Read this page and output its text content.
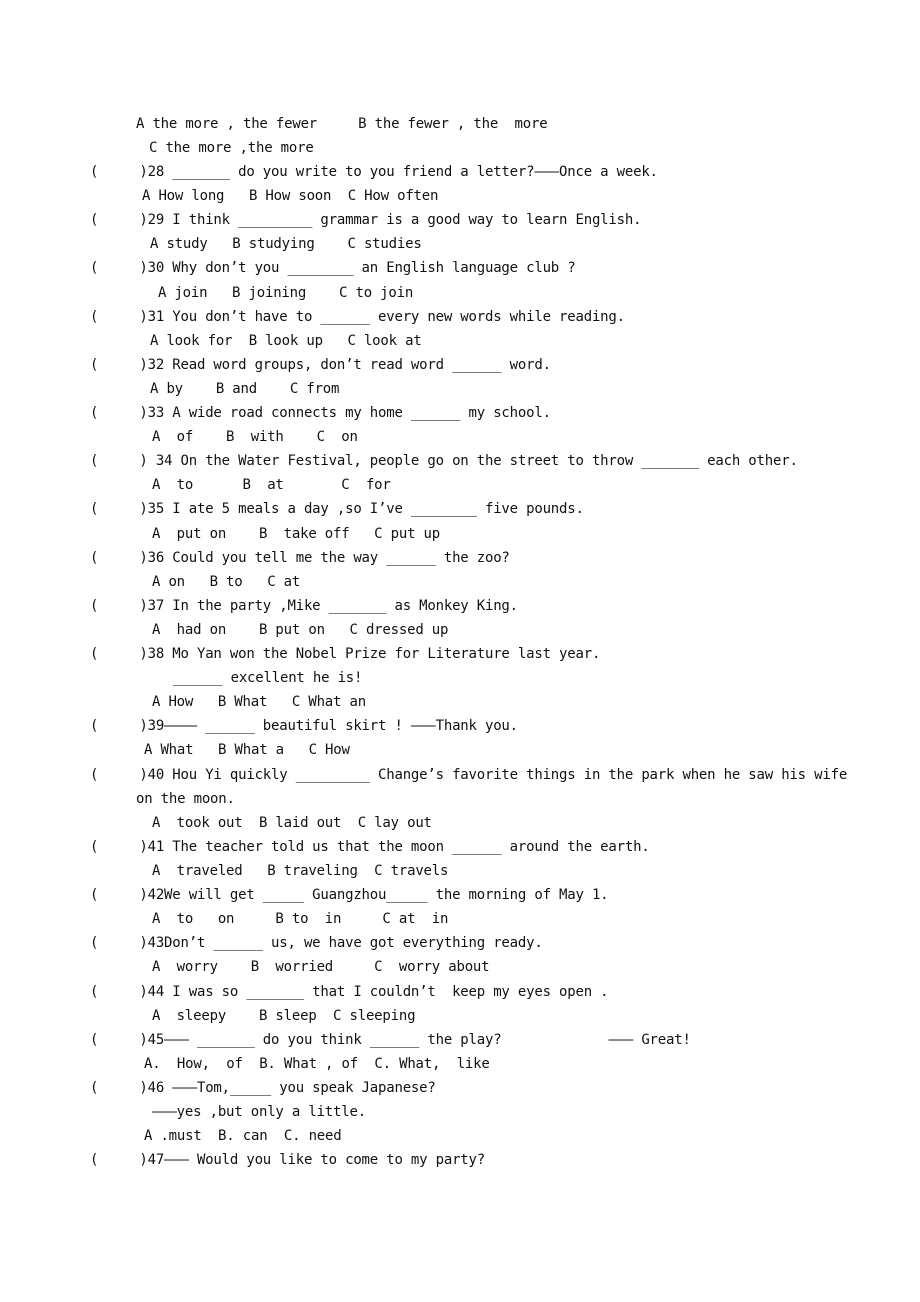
A the more , the fewer     B the fewer , the  more
C the more ,the more
(     )28 _______ do you write to you friend a letter?———Once a week.
A How long   B How soon  C How often
(     )29 I think _________ grammar is a good way to learn English.
A study   B studying    C studies
(     )30 Why don’t you ________ an English language club ?
A join   B joining    C to join
(     )31 You don’t have to ______ every new words while reading.
A look for  B look up   C look at
(     )32 Read word groups, don’t read word ______ word.
A by    B and    C from
(     )33 A wide road connects my home ______ my school.
A  of    B  with    C  on
(     ) 34 On the Water Festival, people go on the street to throw _______ each other.
A  to      B  at       C  for
(     )35 I ate 5 meals a day ,so I’ve ________ five pounds.
A  put on    B  take off   C put up
(     )36 Could you tell me the way ______ the zoo?
A on   B to   C at
(     )37 In the party ,Mike _______ as Monkey King.
A  had on    B put on   C dressed up
(     )38 Mo Yan won the Nobel Prize for Literature last year.
______ excellent he is!
A How   B What   C What an
(     )39———— ______ beautiful skirt ! ———Thank you.
A What   B What a   C How
(     )40 Hou Yi quickly _________ Change’s favorite things in the park when he saw his wife
on the moon.
A  took out  B laid out  C lay out
(     )41 The teacher told us that the moon ______ around the earth.
A  traveled   B traveling  C travels
(     )42We will get _____ Guangzhou_____ the morning of May 1.
A  to   on     B to  in     C at  in
(     )43Don’t ______ us, we have got everything ready.
A  worry    B  worried     C  worry about
(     )44 I was so _______ that I couldn’t  keep my eyes open .
A  sleepy    B sleep  C sleeping
(     )45——— _______ do you think ______ the play?             ——— Great!
A.  How,  of  B. What , of  C. What,  like
(     )46 ———Tom,_____ you speak Japanese?
———yes ,but only a little.
A .must  B. can  C. need
(     )47——— Would you like to come to my party?
